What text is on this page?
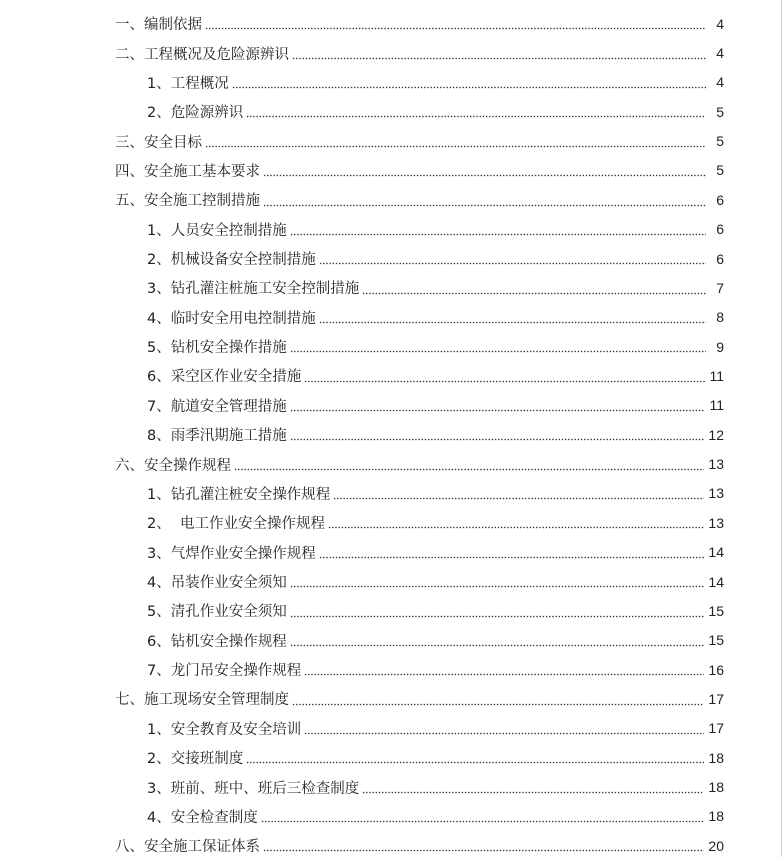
一、 编制依据	4
二、 工程概况及危险源辨识	4
1、 工程概况	4
2、 危险源辨识	5
三、 安全目标	5
四、 安全施工基本要求	5
五、 安全施工控制措施	6
1、 人员安全控制措施	6
2、 机械设备安全控制措施	6
3、 钻孔灌注桩施工安全控制措施	7
4、 临时安全用电控制措施	8
5、 钻机安全操作措施	9
6、 采空区作业安全措施	11
7、 航道安全管理措施	11
8、 雨季汛期施工措施	12
六、 安全操作规程	13
1、 钻孔灌注桩安全操作规程	13
2、 电工作业安全操作规程	13
3、 气焊作业安全操作规程	14
4、 吊装作业安全须知	14
5、 清孔作业安全须知	15
6、 钻机安全操作规程	15
7、 龙门吊安全操作规程	16
七、 施工现场安全管理制度	17
1、 安全教育及安全培训	17
2、 交接班制度	18
3、 班前、班中、班后三检查制度	18
4、 安全检查制度	18
八、 安全施工保证体系	20
